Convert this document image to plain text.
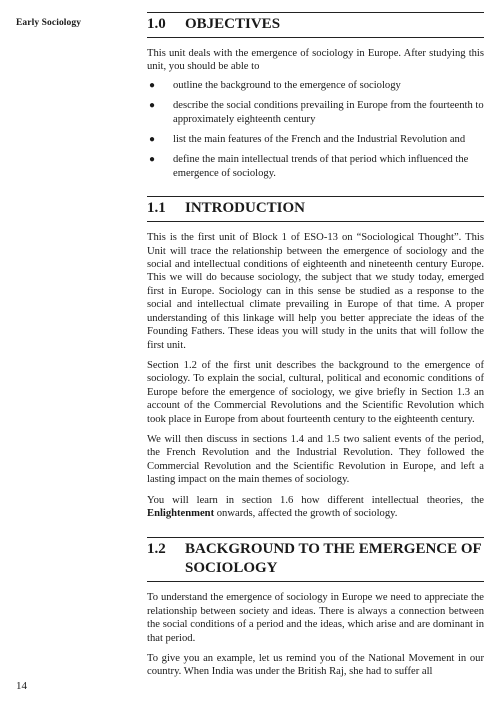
Early Sociology
14
1.0	OBJECTIVES

This unit deals with the emergence of sociology in Europe. After studying this unit, you should be able to

● outline the background to the emergence of sociology
● describe the social conditions prevailing in Europe from the fourteenth to approximately eighteenth century
● list the main features of the French and the Industrial Revolution and
● define the main intellectual trends of that period which influenced the emergence of sociology.
1.1	INTRODUCTION

This is the first unit of Block 1 of ESO-13 on “Sociological Thought”. This Unit will trace the relationship between the emergence of sociology and the social and intellectual conditions of eighteenth and nineteenth century Europe. This we will do because sociology, the subject that we study today, emerged first in Europe. Sociology can in this sense be studied as a response to the social and intellectual climate prevailing in Europe of that time. A proper understanding of this linkage will help you better appreciate the ideas of the Founding Fathers. These ideas you will study in the units that will follow the first unit.

Section 1.2 of the first unit describes the background to the emergence of sociology. To explain the social, cultural, political and economic conditions of Europe before the emergence of sociology, we give briefly in Section 1.3 an account of the Commercial Revolutions and the Scientific Revolution which took place in Europe from about fourteenth century to the eighteenth century.

We will then discuss in sections 1.4 and 1.5 two salient events of the period, the French Revolution and the Industrial Revolution. They followed the Commercial Revolution and the Scientific Revolution in Europe, and left a lasting impact on the main themes of sociology.

You will learn in section 1.6 how different intellectual theories, the Enlightenment onwards, affected the growth of sociology.

1.2	BACKGROUND TO THE EMERGENCE OF SOCIOLOGY

To understand the emergence of sociology in Europe we need to appreciate the relationship between society and ideas. There is always a connection between the social conditions of a period and the ideas, which arise and are dominant in that period.

To give you an example, let us remind you of the National Movement in our country. When India was under the British Raj, she had to suffer all
